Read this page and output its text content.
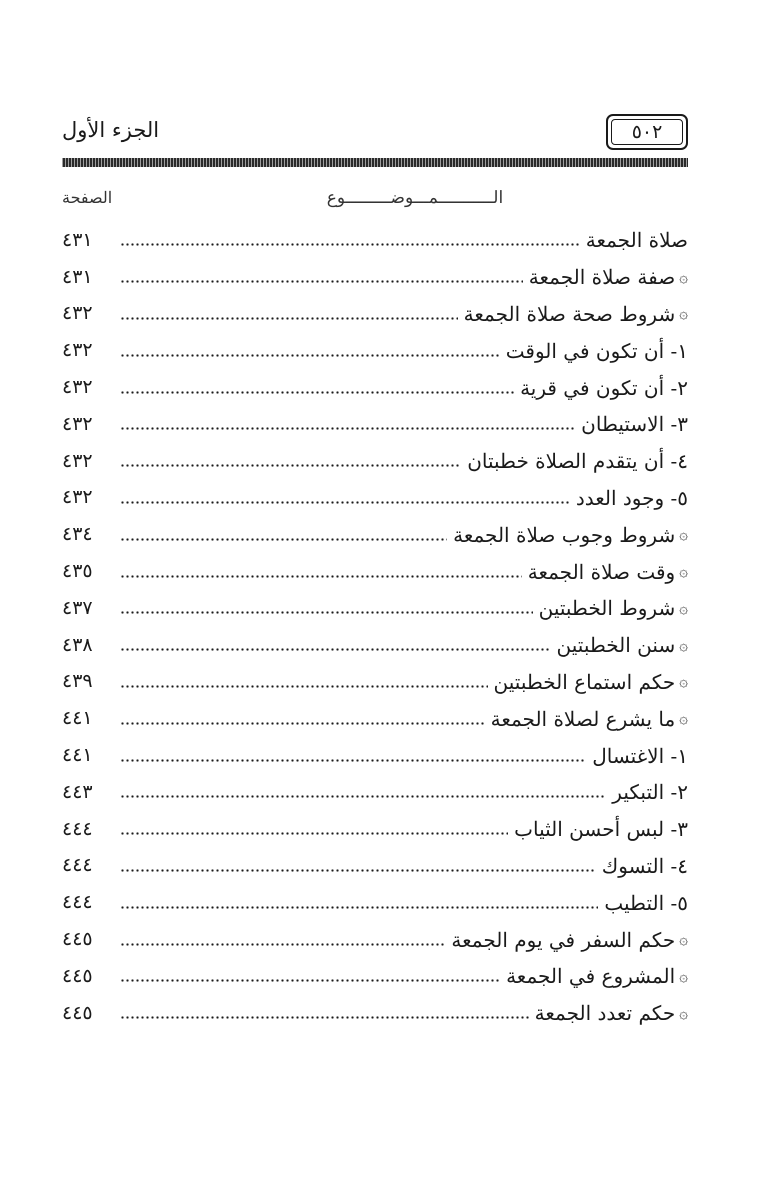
الجزء الأول	٥٠٢
الـــــــــــمـــوضـــــــــوع
الصفحة
صلاة الجمعة
٤٣١
۞
صفة صلاة الجمعة
٤٣١
۞
شروط صحة صلاة الجمعة
٤٣٢
١- أن تكون في الوقت
٤٣٢
٢- أن تكون في قرية
٤٣٢
٣- الاستيطان
٤٣٢
٤- أن يتقدم الصلاة خطبتان
٤٣٢
٥- وجود العدد
٤٣٢
۞
شروط وجوب صلاة الجمعة
٤٣٤
۞
وقت صلاة الجمعة
٤٣٥
۞
شروط الخطبتين
٤٣٧
۞
سنن الخطبتين
٤٣٨
۞
حكم استماع الخطبتين
٤٣٩
۞
ما يشرع لصلاة الجمعة
٤٤١
١- الاغتسال
٤٤١
٢- التبكير
٤٤٣
٣- لبس أحسن الثياب
٤٤٤
٤- التسوك
٤٤٤
٥- التطيب
٤٤٤
۞
حكم السفر في يوم الجمعة
٤٤٥
۞
المشروع في الجمعة
٤٤٥
۞
حكم تعدد الجمعة
٤٤٥
